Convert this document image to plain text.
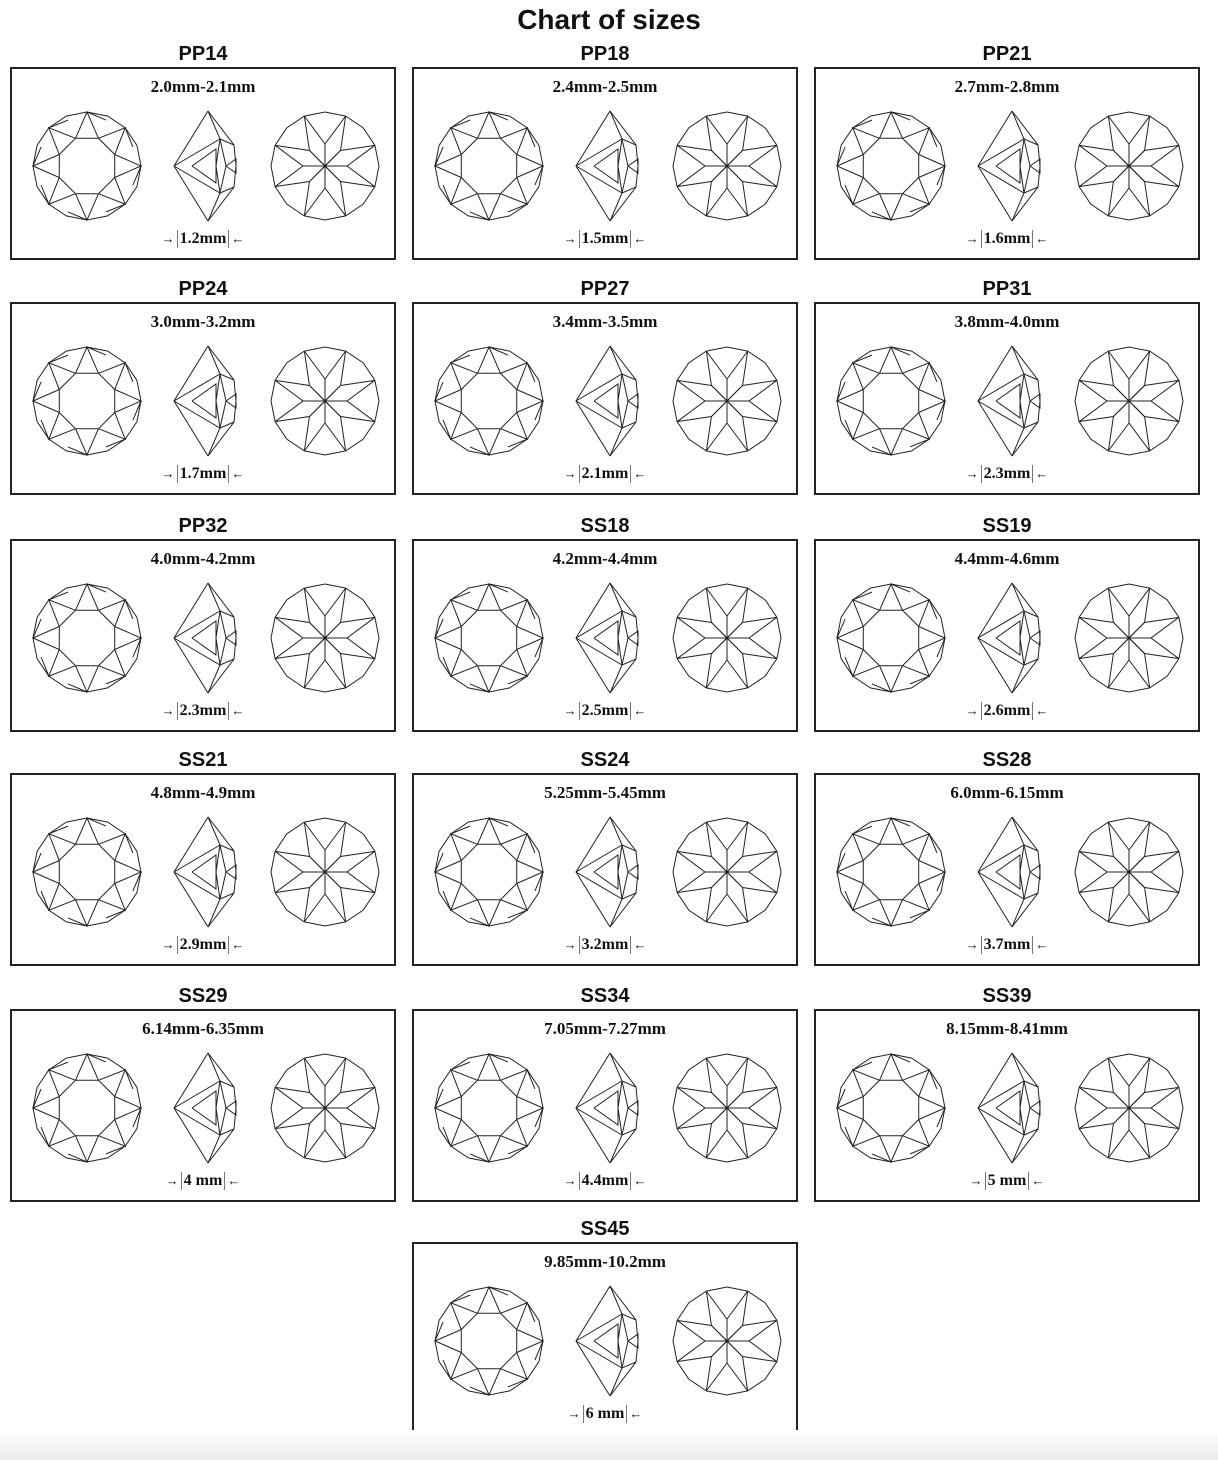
Chart of sizes
PP14
2.0mm-2.1mm
→ 1.2mm ←
PP18
2.4mm-2.5mm
→ 1.5mm ←
PP21
2.7mm-2.8mm
→ 1.6mm ←
PP24
3.0mm-3.2mm
→ 1.7mm ←
PP27
3.4mm-3.5mm
→ 2.1mm ←
PP31
3.8mm-4.0mm
→ 2.3mm ←
PP32
4.0mm-4.2mm
→ 2.3mm ←
SS18
4.2mm-4.4mm
→ 2.5mm ←
SS19
4.4mm-4.6mm
→ 2.6mm ←
SS21
4.8mm-4.9mm
→ 2.9mm ←
SS24
5.25mm-5.45mm
→ 3.2mm ←
SS28
6.0mm-6.15mm
→ 3.7mm ←
SS29
6.14mm-6.35mm
→ 4 mm ←
SS34
7.05mm-7.27mm
→ 4.4mm ←
SS39
8.15mm-8.41mm
→ 5 mm ←
SS45
9.85mm-10.2mm
→ 6 mm ←
